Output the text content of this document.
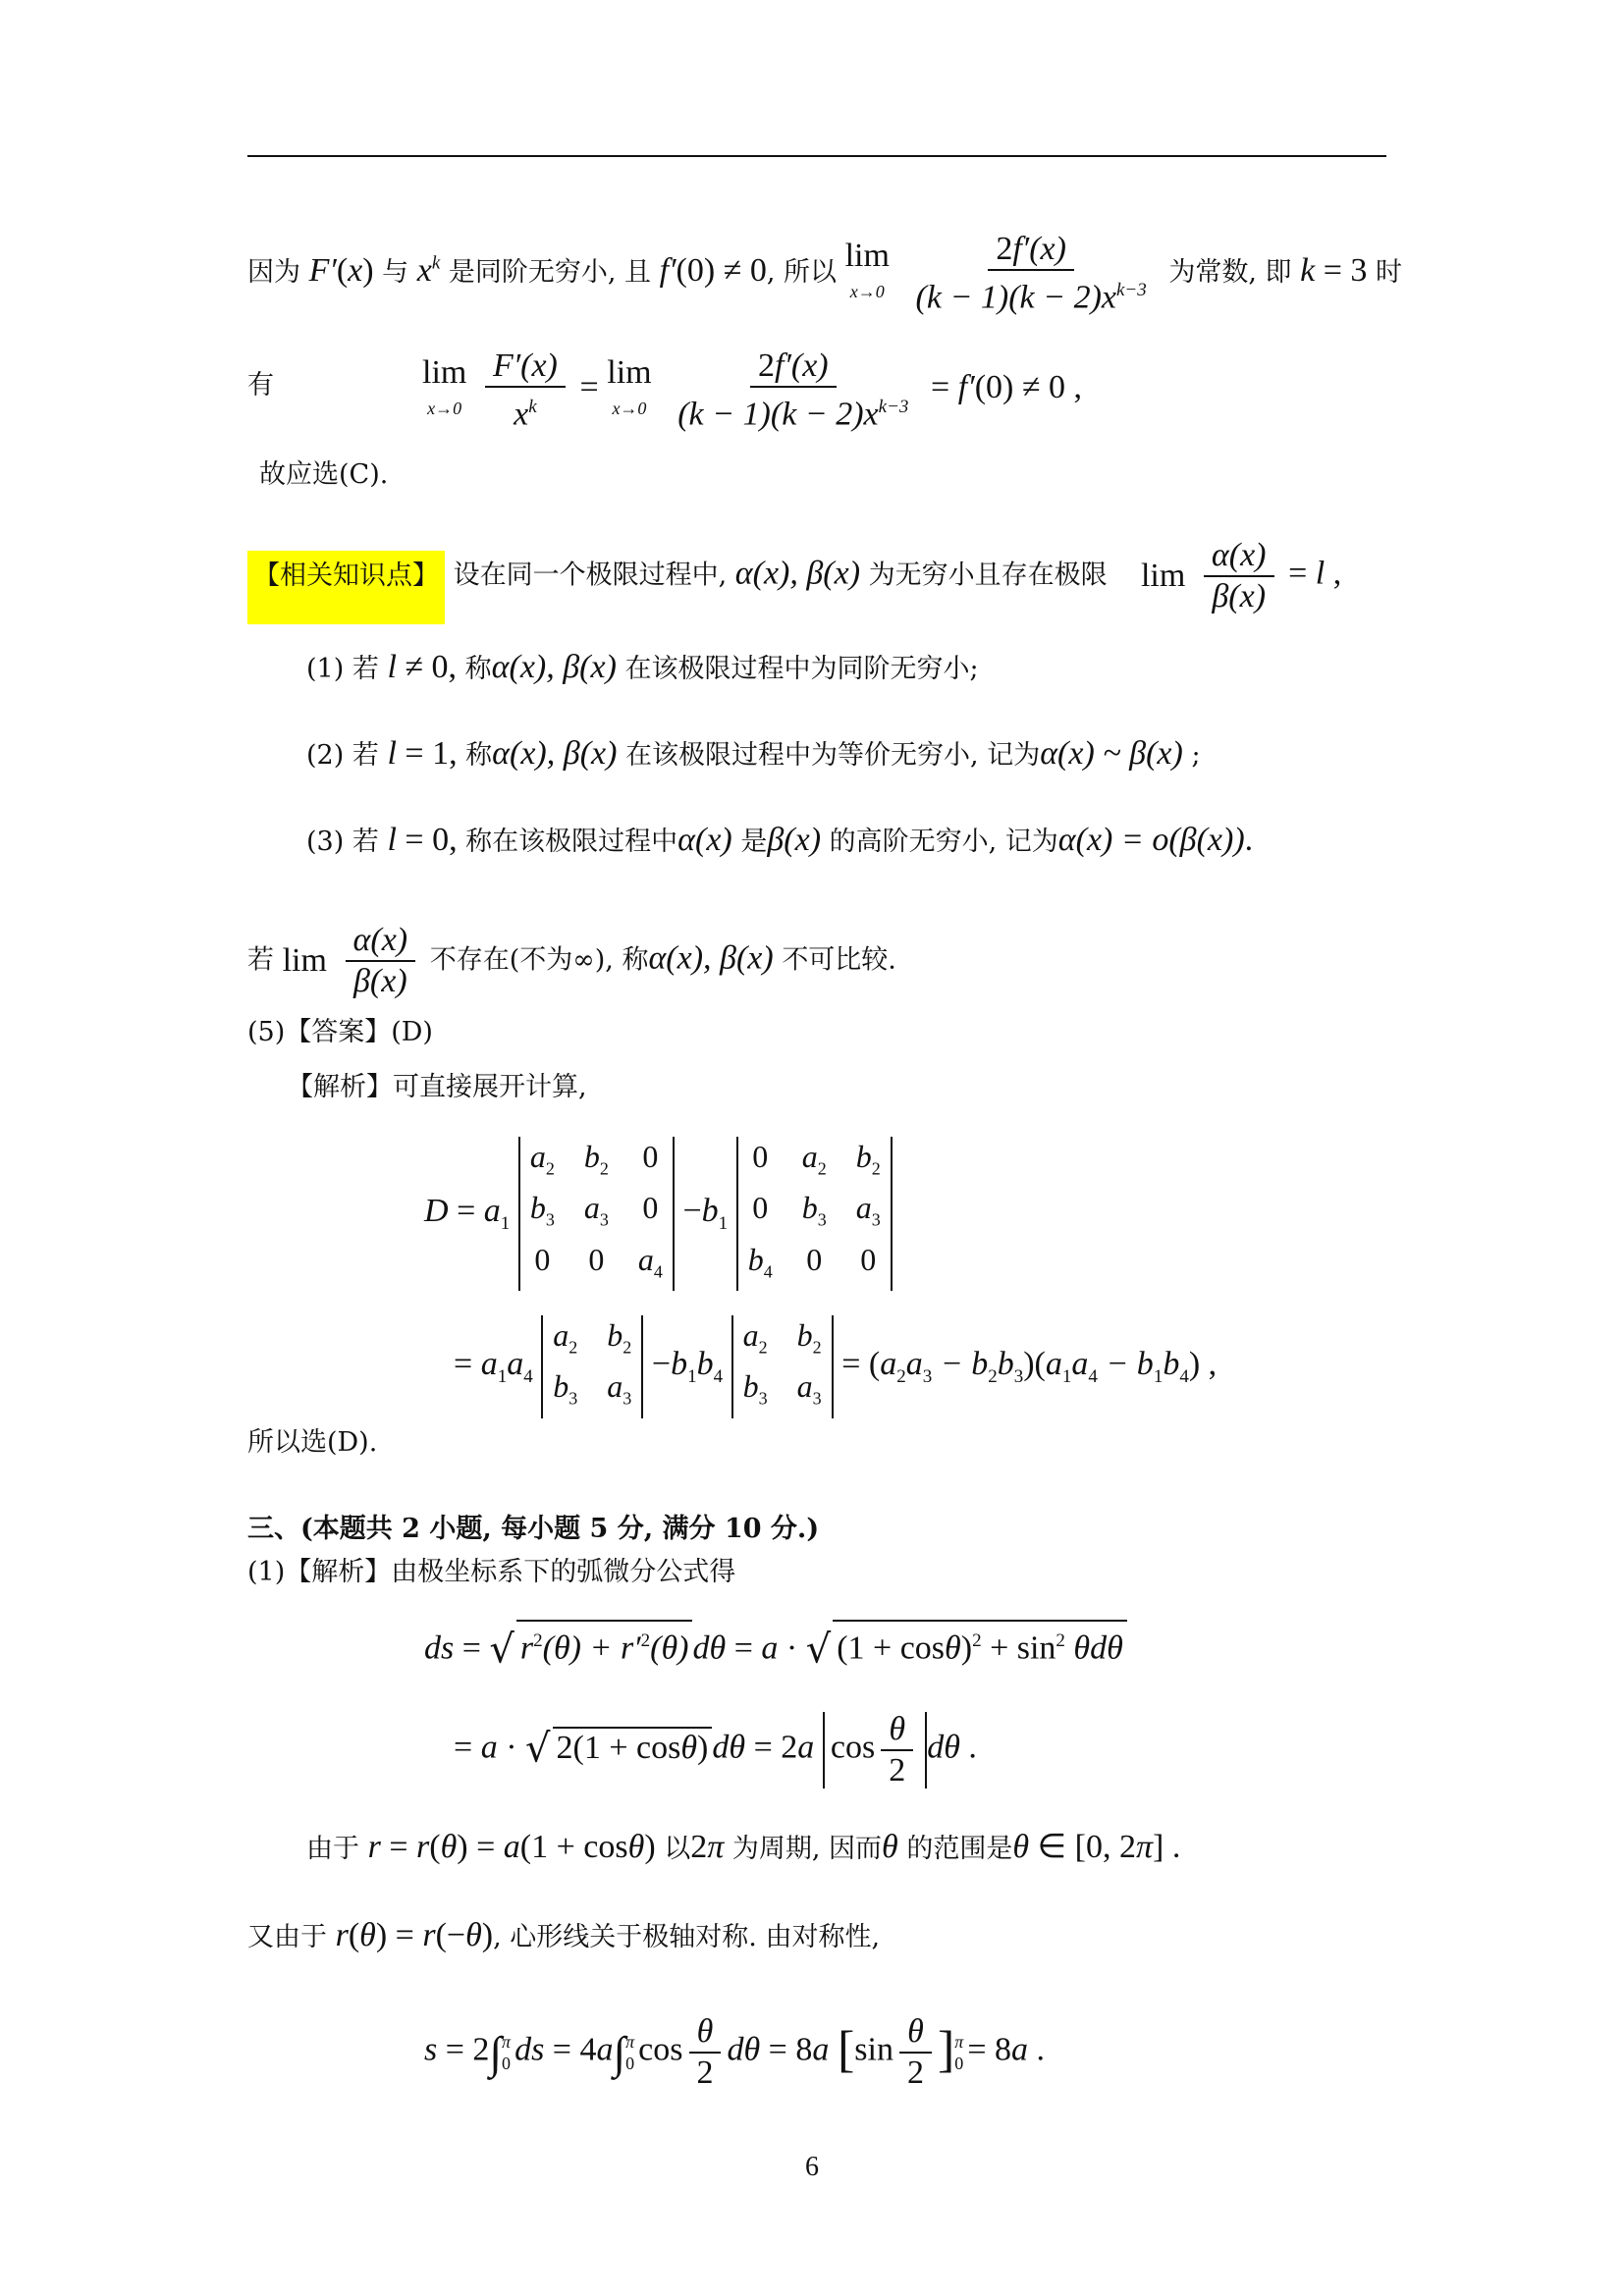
因为 F′(x) 与 $x^k$ 是同阶无穷小, 且 f′(0) ≠ 0, 所以 lim
x→0
$\frac{2f'(x)}{(k - 1)(k - 2)x^{k-3}}$ 为常数, 即 k = 3 时
有	lim
x→0
$\frac{F'(x)}{x^k} = \lim$
x→0
$\frac{2f'(x)}{(k - 1)(k - 2)x^{k-3}} = f'(0) \ne 0$ ,
故应选(C).
【相关知识点】 设在同一个极限过程中, α(x), β(x) 为无穷小且存在极限 lim
$\frac{\alpha(x)}{\beta(x)} = l$ ,
(1) 若 l ≠ 0, 称α(x), β(x) 在该极限过程中为同阶无穷小;
(2) 若 l = 1, 称α(x), β(x) 在该极限过程中为等价无穷小, 记为α(x) ~ β(x) ;
(3) 若 l = 0, 称在该极限过程中α(x) 是β(x) 的高阶无穷小, 记为α(x) = o(β(x)).
若 lim
$\frac{\alpha(x)}{\beta(x)}$ 不存在(不为∞), 称α(x), β(x) 不可比较.
(5)【答案】(D)
【解析】可直接展开计算,
$D = a_1$
$a_2$ $b_2$ 0
$b_3$ $a_3$ 0
0 0 $a_4$
$-b_1$
0 $a_2$ $b_2$
0 $b_3$ $a_3$
$b_4$ 0 0
= $a_1a_4$
$a_2$ $b_2$
$b_3$ $a_3$
$-b_1b_4$
$a_2$ $b_2$
$b_3$ $a_3$
= $(a_2a_3 - b_2b_3)(a_1a_4 - b_1b_4)$ ,
所以选(D).
三、(本题共 2 小题, 每小题 5 分, 满分 10 分.)
(1)【解析】由极坐标系下的弧微分公式得
ds = √ $r^2(\theta) + r'^2(\theta) d\theta = a$ · √ $(1 + \cos\theta)^2 + \sin^2 \theta d\theta$
= a · √ 2(1 + cosθ) dθ = 2a $\cos \frac{\theta}{2}$ dθ .
由于 r = r(θ) = a(1 + cosθ) 以2π 为周期, 因而θ 的范围是θ ∈ [0, 2π] .
又由于 r(θ) = r(−θ), 心形线关于极轴对称. 由对称性,
s = 2∫ π
0 ds = 4a∫ π
0 $\cos \frac{\theta}{2}$ dθ = 8a [$\sin \frac{\theta}{2}$ ] π
0 = 8a .
6
